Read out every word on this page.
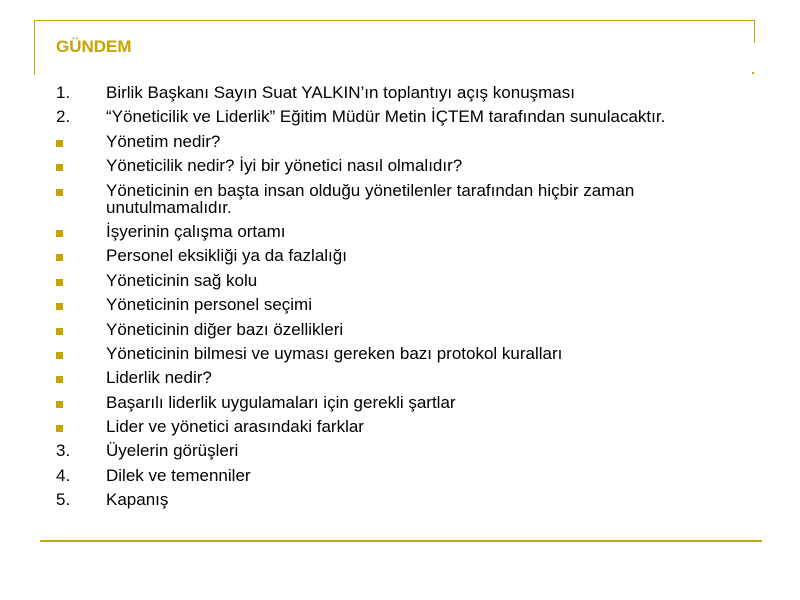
GÜNDEM
1.	Birlik Başkanı Sayın Suat YALKIN’ın toplantıyı açış konuşması
2.	“Yöneticilik ve Liderlik” Eğitim Müdür Metin İÇTEM tarafından sunulacaktır.
Yönetim nedir?
Yöneticilik nedir? İyi bir yönetici nasıl olmalıdır?
Yöneticinin en başta insan olduğu yönetilenler tarafından hiçbir zaman unutulmamalıdır.
İşyerinin çalışma ortamı
Personel eksikliği ya da fazlalığı
Yöneticinin sağ kolu
Yöneticinin personel seçimi
Yöneticinin diğer bazı özellikleri
Yöneticinin bilmesi ve uyması gereken bazı protokol kuralları
Liderlik nedir?
Başarılı liderlik uygulamaları için gerekli şartlar
Lider ve yönetici arasındaki farklar
3.	Üyelerin görüşleri
4.	Dilek ve temenniler
5.	Kapanış
